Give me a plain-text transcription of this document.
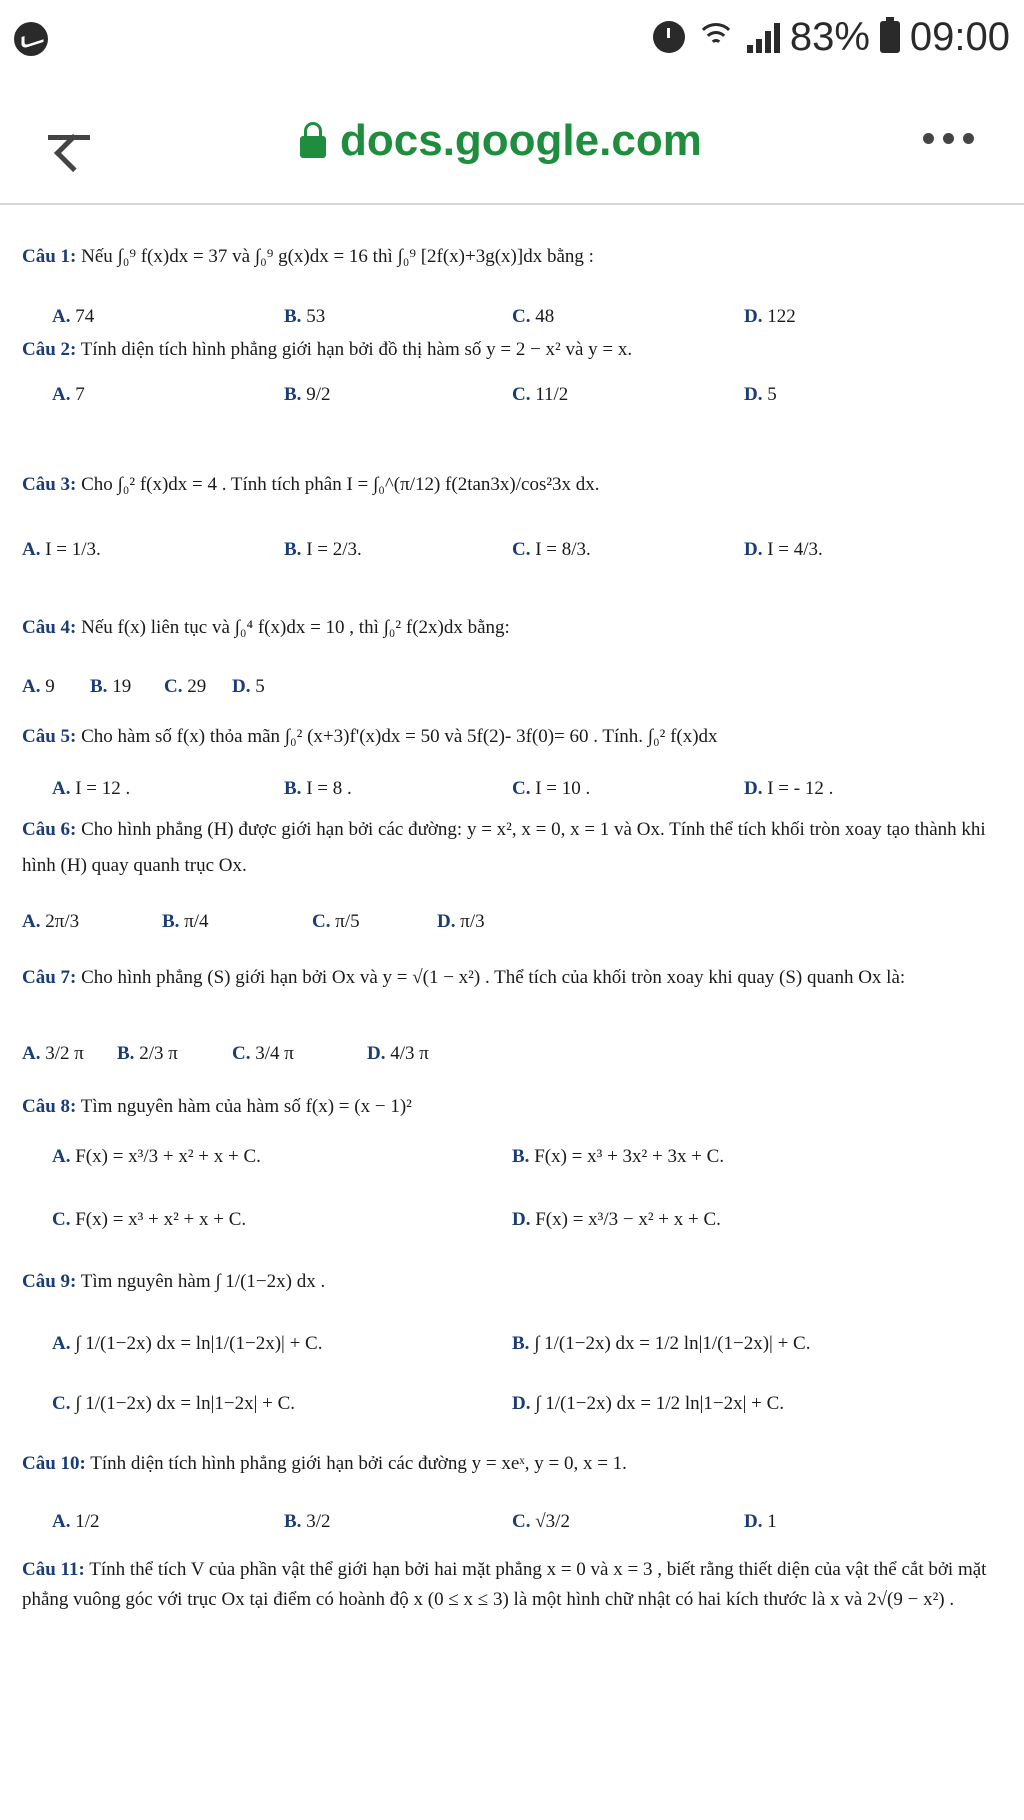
83% 09:00
docs.google.com
Câu 1: Nếu ∫₀⁹ f(x)dx = 37 và ∫₀⁹ g(x)dx = 16 thì ∫₀⁹ [2f(x)+3g(x)]dx bằng :
A. 74	B. 53	C. 48	D. 122
Câu 2: Tính diện tích hình phẳng giới hạn bởi đồ thị hàm số y = 2 − x² và y = x.
A. 7	B. 9/2	C. 11/2	D. 5
Câu 3: Cho ∫₀² f(x)dx = 4 . Tính tích phân I = ∫₀^(π/12) f(2tan3x)/cos²3x dx.
A. I = 1/3.	B. I = 2/3.	C. I = 8/3.	D. I = 4/3.
Câu 4: Nếu f(x) liên tục và ∫₀⁴ f(x)dx = 10 , thì ∫₀² f(2x)dx bằng:
A. 9 B. 19 C. 29 D. 5
Câu 5: Cho hàm số f(x) thỏa mãn ∫₀² (x+3)f'(x)dx = 50 và 5f(2)- 3f(0)= 60 . Tính. ∫₀² f(x)dx
A. I = 12 .	B. I = 8 .	C. I = 10 .	D. I = - 12 .
Câu 6: Cho hình phẳng (H) được giới hạn bởi các đường: y = x², x = 0, x = 1 và Ox. Tính thể tích khối tròn xoay tạo thành khi hình (H) quay quanh trục Ox.
A. 2π/3	B. π/4	C. π/5	D. π/3
Câu 7: Cho hình phẳng (S) giới hạn bởi Ox và y = √(1 − x²) . Thể tích của khối tròn xoay khi quay (S) quanh Ox là:
A. 3/2 π B. 2/3 π	C. 3/4 π	D. 4/3 π
Câu 8: Tìm nguyên hàm của hàm số f(x) = (x − 1)²
A. F(x) = x³/3 + x² + x + C.	B. F(x) = x³ + 3x² + 3x + C.
C. F(x) = x³ + x² + x + C.	D. F(x) = x³/3 − x² + x + C.
Câu 9: Tìm nguyên hàm ∫ 1/(1−2x) dx .
A. ∫ 1/(1−2x) dx = ln|1/(1−2x)| + C.	B. ∫ 1/(1−2x) dx = 1/2 ln|1/(1−2x)| + C.
C. ∫ 1/(1−2x) dx = ln|1−2x| + C.	D. ∫ 1/(1−2x) dx = 1/2 ln|1−2x| + C.
Câu 10: Tính diện tích hình phẳng giới hạn bởi các đường y = xeˣ, y = 0, x = 1.
A. 1/2	B. 3/2	C. √3/2	D. 1
Câu 11: Tính thể tích V của phần vật thể giới hạn bởi hai mặt phẳng x = 0 và x = 3 , biết rằng thiết diện của vật thể cắt bởi mặt phẳng vuông góc với trục Ox tại điểm có hoành độ x (0 ≤ x ≤ 3) là một hình chữ nhật có hai kích thước là x và 2√(9 − x²) .
